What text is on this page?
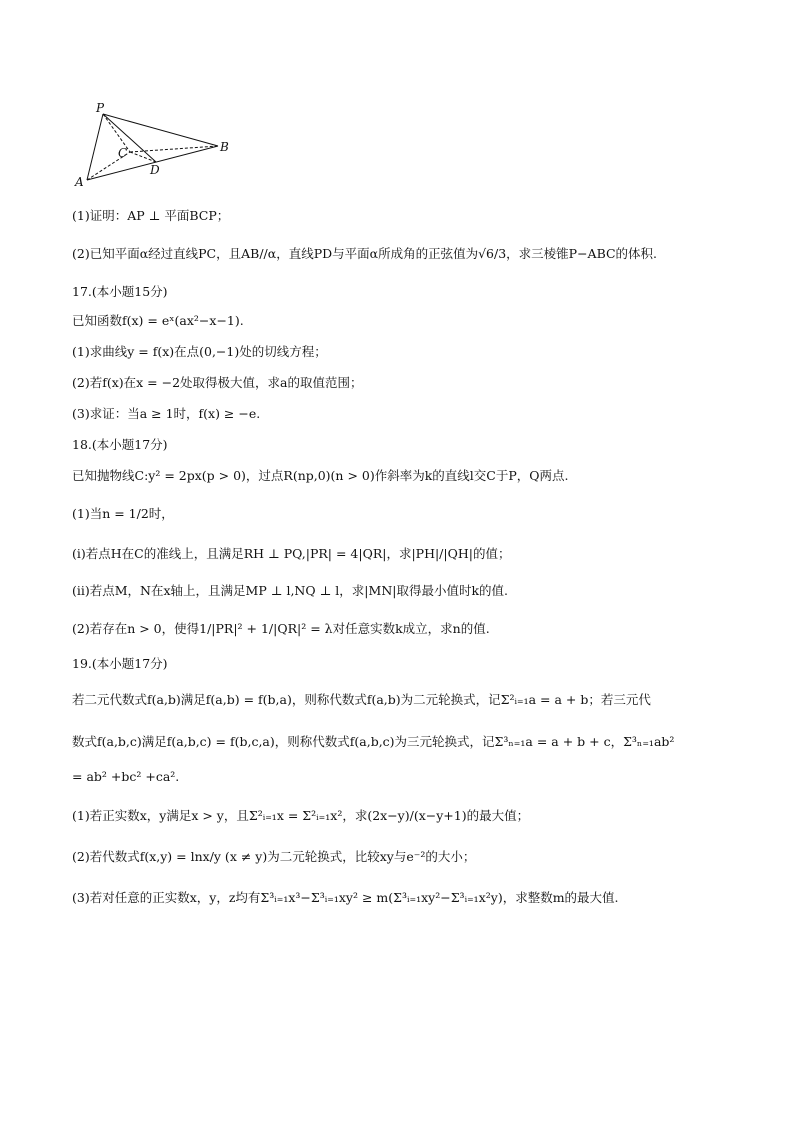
P
A
B
C
D
(1)证明：AP ⊥ 平面BCP；
(2)已知平面α经过直线PC，且AB//α，直线PD与平面α所成角的正弦值为√6/3，求三棱锥P−ABC的体积.
17.(本小题15分)
已知函数f(x) = eˣ(ax²−x−1).
(1)求曲线y = f(x)在点(0,−1)处的切线方程；
(2)若f(x)在x = −2处取得极大值，求a的取值范围；
(3)求证：当a ≥ 1时，f(x) ≥ −e.
18.(本小题17分)
已知抛物线C:y² = 2px(p > 0)，过点R(np,0)(n > 0)作斜率为k的直线l交C于P，Q两点.
(1)当n = 1/2时，
(i)若点H在C的准线上，且满足RH ⊥ PQ,|PR| = 4|QR|，求|PH|/|QH|的值；
(ii)若点M，N在x轴上，且满足MP ⊥ l,NQ ⊥ l，求|MN|取得最小值时k的值.
(2)若存在n > 0，使得1/|PR|² + 1/|QR|² = λ对任意实数k成立，求n的值.
19.(本小题17分)
若二元代数式f(a,b)满足f(a,b) = f(b,a)，则称代数式f(a,b)为二元轮换式，记Σ²ᵢ₌₁a = a + b；若三元代
数式f(a,b,c)满足f(a,b,c) = f(b,c,a)，则称代数式f(a,b,c)为三元轮换式，记Σ³ₙ₌₁a = a + b + c，Σ³ₙ₌₁ab²
= ab² +bc² +ca².
(1)若正实数x，y满足x > y，且Σ²ᵢ₌₁x = Σ²ᵢ₌₁x²，求(2x−y)/(x−y+1)的最大值；
(2)若代数式f(x,y) = lnx/y (x ≠ y)为二元轮换式，比较xy与e⁻²的大小；
(3)若对任意的正实数x，y，z均有Σ³ᵢ₌₁x³−Σ³ᵢ₌₁xy² ≥ m(Σ³ᵢ₌₁xy²−Σ³ᵢ₌₁x²y)，求整数m的最大值.
